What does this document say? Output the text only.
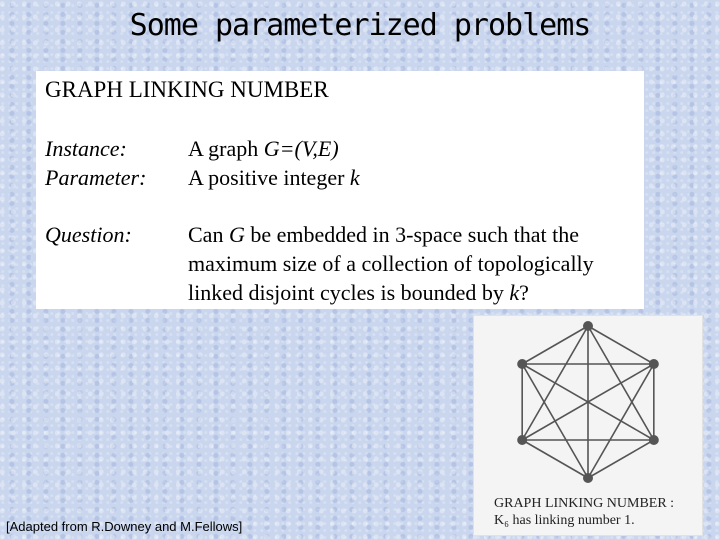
Some parameterized problems
GRAPH LINKING NUMBER
Instance:	A graph G=(V,E)
Parameter: A positive integer k
Question:	Can G be embedded in 3-space such that the maximum size of a collection of topologically linked disjoint cycles is bounded by k?
GRAPH LINKING NUMBER :
K₆ has linking number 1.
[Adapted from R.Downey and M.Fellows]
